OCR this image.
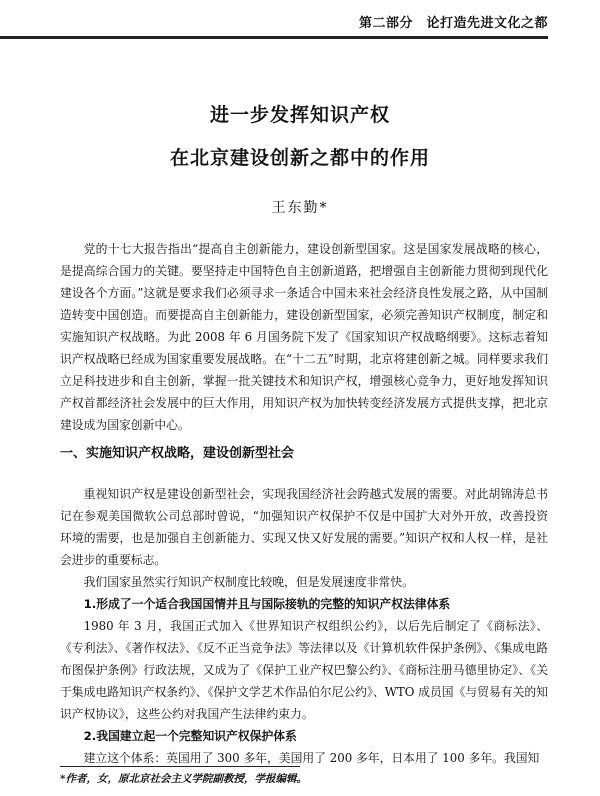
第二部分　论打造先进文化之都
进一步发挥知识产权
在北京建设创新之都中的作用
王东勤*

党的十七大报告指出“提高自主创新能力，建设创新型国家。这是国家发展战略的核心，是提高综合国力的关键。要坚持走中国特色自主创新道路，把增强自主创新能力贯彻到现代化建设各个方面。”这就是要求我们必须寻求一条适合中国未来社会经济良性发展之路，从中国制造转变中国创造。而要提高自主创新能力，建设创新型国家，必须完善知识产权制度，制定和实施知识产权战略。为此 2008 年 6 月国务院下发了《国家知识产权战略纲要》。这标志着知识产权战略已经成为国家重要发展战略。在“十二五”时期，北京将建创新之城。同样要求我们立足科技进步和自主创新，掌握一批关键技术和知识产权，增强核心竞争力，更好地发挥知识产权首都经济社会发展中的巨大作用，用知识产权为加快转变经济发展方式提供支撑，把北京建设成为国家创新中心。

一、实施知识产权战略，建设创新型社会

重视知识产权是建设创新型社会，实现我国经济社会跨越式发展的需要。对此胡锦涛总书记在参观美国微软公司总部时曾说，“加强知识产权保护不仅是中国扩大对外开放，改善投资环境的需要，也是加强自主创新能力、实现又快又好发展的需要。”知识产权和人权一样，是社会进步的重要标志。

我们国家虽然实行知识产权制度比较晚，但是发展速度非常快。

1.形成了一个适合我国国情并且与国际接轨的完整的知识产权法律体系

1980 年 3 月，我国正式加入《世界知识产权组织公约》，以后先后制定了《商标法》、《专利法》、《著作权法》、《反不正当竞争法》等法律以及《计算机软件保护条例》、《集成电路布图保护条例》行政法规，又成为了《保护工业产权巴黎公约》、《商标注册马德里协定》、《关于集成电路知识产权条约》、《保护文学艺术作品伯尔尼公约》、WTO 成员国《与贸易有关的知识产权协议》，这些公约对我国产生法律约束力。

2.我国建立起一个完整知识产权保护体系

建立这个体系：英国用了 300 多年，美国用了 200 多年，日本用了 100 多年。我国知

*作者，女，原北京社会主义学院副教授，学报编辑。
